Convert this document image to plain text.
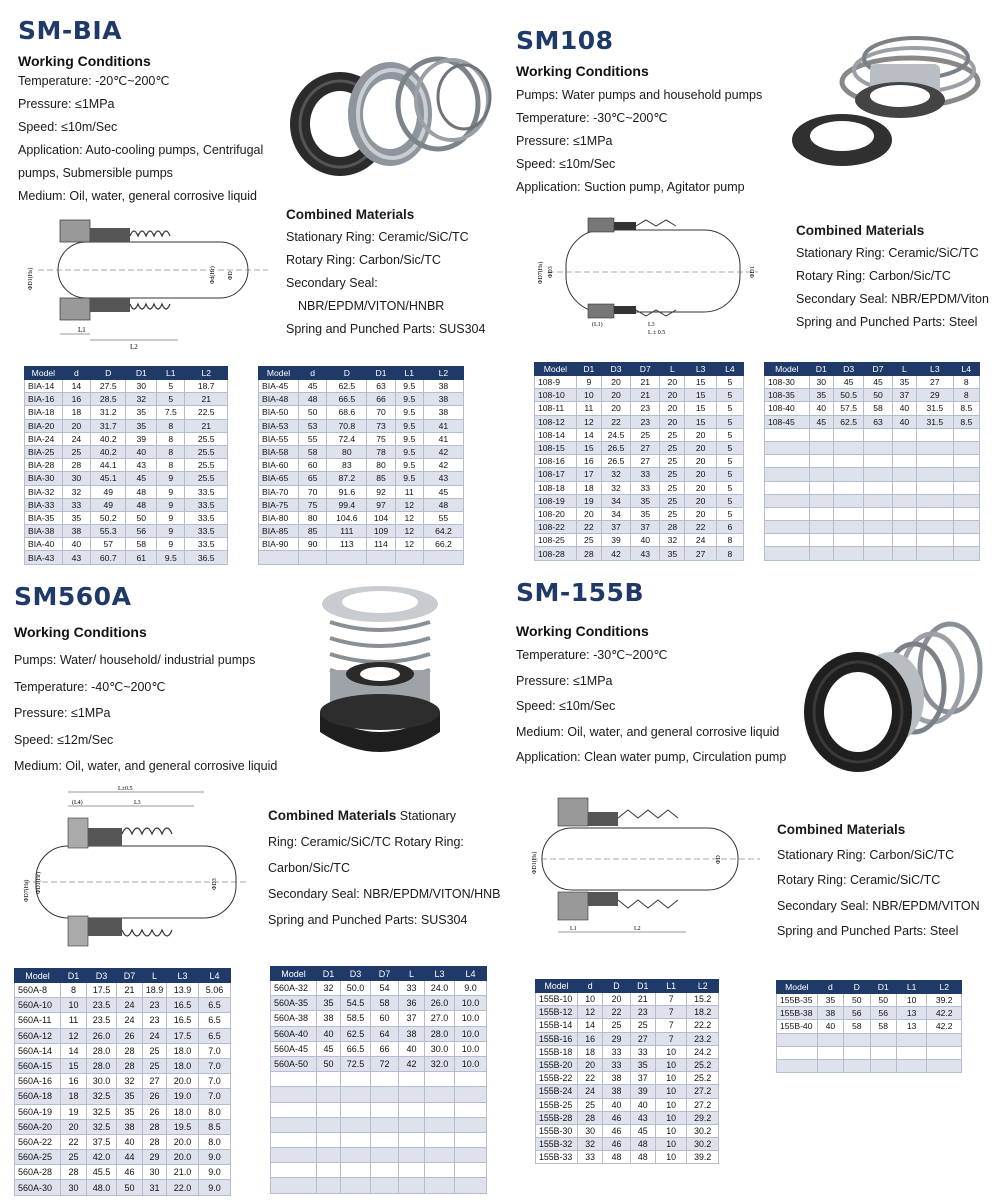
SM-BIA
Working Conditions
Temperature: -20℃~200℃
Pressure: ≤1MPa
Speed: ≤10m/Sec
Application: Auto-cooling pumps, Centrifugal
pumps, Submersible pumps
Medium: Oil, water, general corrosive liquid
L1
L2
ΦD1(Hs)	Φd(Hr) ΦD
Combined Materials
Stationary Ring: Ceramic/SiC/TC
Rotary Ring: Carbon/Sic/TC
Secondary Seal:
NBR/EPDM/VITON/HNBR
Spring and Punched Parts: SUS304
Model	d	D	D1	L1	L2
BIA-14	14	27.5	30	5	18.7
BIA-16	16	28.5	32	5	21
BIA-18	18	31.2	35	7.5	22.5
BIA-20	20	31.7	35	8	21
BIA-24	24	40.2	39	8	25.5
BIA-25	25	40.2	40	8	25.5
BIA-28	28	44.1	43	8	25.5
BIA-30	30	45.1	45	9	25.5
BIA-32	32	49	48	9	33.5
BIA-33	33	49	48	9	33.5
BIA-35	35	50.2	50	9	33.5
BIA-38	38	55.3	56	9	33.5
BIA-40	40	57	58	9	33.5
BIA-43	43	60.7	61	9.5	36.5
Model	d	D	D1	L1	L2
BIA-45	45	62.5	63	9.5	38
BIA-48	48	66.5	66	9.5	38
BIA-50	50	68.6	70	9.5	38
BIA-53	53	70.8	73	9.5	41
BIA-55	55	72.4	75	9.5	41
BIA-58	58	80	78	9.5	42
BIA-60	60	83	80	9.5	42
BIA-65	65	87.2	85	9.5	43
BIA-70	70	91.6	92	11	45
BIA-75	75	99.4	97	12	48
BIA-80	80	104.6	104	12	55
BIA-85	85	111	109	12	64.2
BIA-90	90	113	114	12	66.2

SM108
Working Conditions
Pumps: Water pumps and household pumps
Temperature: -30℃~200℃
Pressure: ≤1MPa
Speed: ≤10m/Sec
Application: Suction pump, Agitator pump
(L1)	L3
L ± 0.5
ΦD7(Hs) ΦD3	ΦD1
Combined Materials
Stationary Ring: Ceramic/SiC/TC
Rotary Ring: Carbon/Sic/TC
Secondary Seal: NBR/EPDM/Viton
Spring and Punched Parts: Steel
Model	D1	D3	D7	L	L3	L4
108-9	9	20	21	20	15	5
108-10	10	20	21	20	15	5
108-11	11	20	23	20	15	5
108-12	12	22	23	20	15	5
108-14	14	24.5	25	25	20	5
108-15	15	26.5	27	25	20	5
108-16	16	26.5	27	25	20	5
108-17	17	32	33	25	20	5
108-18	18	32	33	25	20	5
108-19	19	34	35	25	20	5
108-20	20	34	35	25	20	5
108-22	22	37	37	28	22	6
108-25	25	39	40	32	24	8
108-28	28	42	43	35	27	8
Model	D1	D3	D7	L	L3	L4
108-30	30	45	45	35	27	8
108-35	35	50.5	50	37	29	8
108-40	40	57.5	58	40	31.5	8.5
108-45	45	62.5	63	40	31.5	8.5

SM560A
Working Conditions
Pumps: Water/ household/ industrial pumps
Temperature: -40℃~200℃
Pressure: ≤1MPa
Speed: ≤12m/Sec
Medium: Oil, water, and general corrosive liquid
L±0.5
(L4)	L3
ΦD7(Hs) ΦD1(Hr)	ΦD3
Combined Materials Stationary
Ring: Ceramic/SiC/TC Rotary Ring:
Carbon/Sic/TC
Secondary Seal: NBR/EPDM/VITON/HNB
Spring and Punched Parts: SUS304
Model	D1	D3	D7	L	L3	L4
560A-8	8	17.5	21	18.9	13.9	5.06
560A-10	10	23.5	24	23	16.5	6.5
560A-11	11	23.5	24	23	16.5	6.5
560A-12	12	26.0	26	24	17.5	6.5
560A-14	14	28.0	28	25	18.0	7.0
560A-15	15	28.0	28	25	18.0	7.0
560A-16	16	30.0	32	27	20.0	7.0
560A-18	18	32.5	35	26	19.0	7.0
560A-19	19	32.5	35	26	18.0	8.0
560A-20	20	32.5	38	28	19.5	8.5
560A-22	22	37.5	40	28	20.0	8.0
560A-25	25	42.0	44	29	20.0	9.0
560A-28	28	45.5	46	30	21.0	9.0
560A-30	30	48.0	50	31	22.0	9.0
Model	D1	D3	D7	L	L3	L4
560A-32	32	50.0	54	33	24.0	9.0
560A-35	35	54.5	58	36	26.0	10.0
560A-38	38	58.5	60	37	27.0	10.0
560A-40	40	62.5	64	38	28.0	10.0
560A-45	45	66.5	66	40	30.0	10.0
560A-50	50	72.5	72	42	32.0	10.0

SM-155B
Working Conditions
Temperature: -30℃~200℃
Pressure: ≤1MPa
Speed: ≤10m/Sec
Medium: Oil, water, and general corrosive liquid
Application: Clean water pump, Circulation pump
L1	L2
ΦD1(Hs)	ΦD
Combined Materials
Stationary Ring: Carbon/SiC/TC
Rotary Ring: Ceramic/SiC/TC
Secondary Seal: NBR/EPDM/VITON
Spring and Punched Parts: Steel
Model	d	D	D1	L1	L2
155B-10	10	20	21	7	15.2
155B-12	12	22	23	7	18.2
155B-14	14	25	25	7	22.2
155B-16	16	29	27	7	23.2
155B-18	18	33	33	10	24.2
155B-20	20	33	35	10	25.2
155B-22	22	38	37	10	25.2
155B-24	24	38	39	10	27.2
155B-25	25	40	40	10	27.2
155B-28	28	46	43	10	29.2
155B-30	30	46	45	10	30.2
155B-32	32	46	48	10	30.2
155B-33	33	48	48	10	39.2
Model	d	D	D1	L1	L2
155B-35	35	50	50	10	39.2
155B-38	38	56	56	13	42.2
155B-40	40	58	58	13	42.2
